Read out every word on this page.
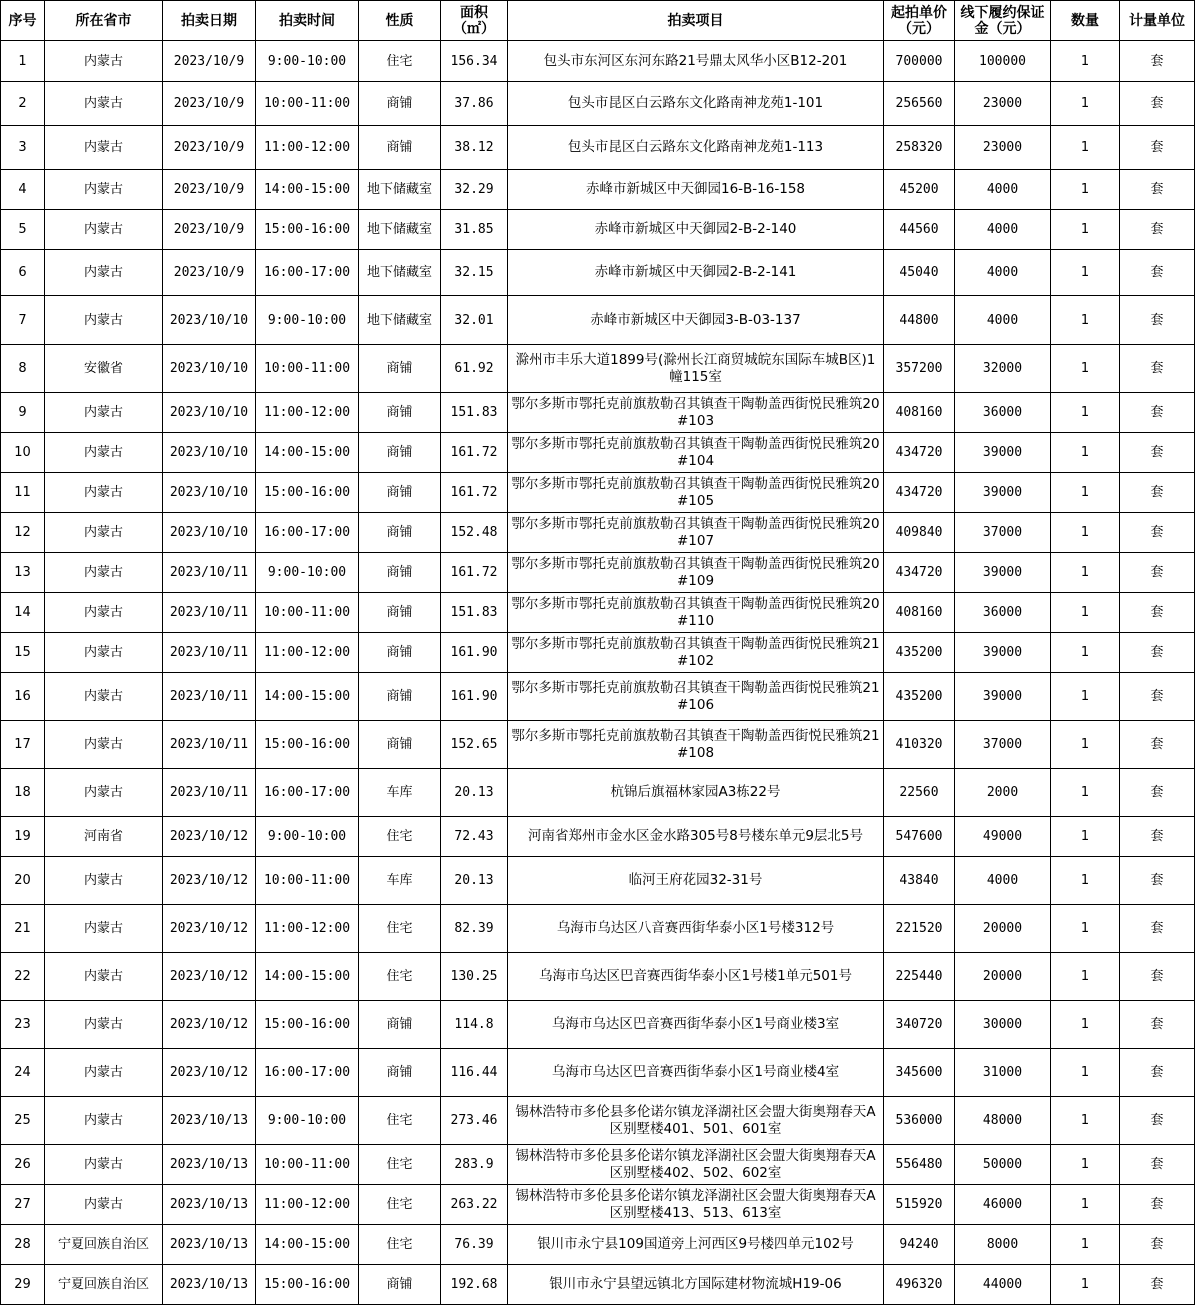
序号	所在省市	拍卖日期	拍卖时间	性质	面积（㎡）	拍卖项目	起拍单价（元）	线下履约保证金（元）	数量	计量单位
1	内蒙古	2023/10/9	9:00-10:00	住宅	156.34	包头市东河区东河东路21号鼎太风华小区B12-201	700000	100000	1	套
2	内蒙古	2023/10/9	10:00-11:00	商铺	37.86	包头市昆区白云路东文化路南神龙苑1-101	256560	23000	1	套
3	内蒙古	2023/10/9	11:00-12:00	商铺	38.12	包头市昆区白云路东文化路南神龙苑1-113	258320	23000	1	套
4	内蒙古	2023/10/9	14:00-15:00	地下储藏室	32.29	赤峰市新城区中天御园16-B-16-158	45200	4000	1	套
5	内蒙古	2023/10/9	15:00-16:00	地下储藏室	31.85	赤峰市新城区中天御园2-B-2-140	44560	4000	1	套
6	内蒙古	2023/10/9	16:00-17:00	地下储藏室	32.15	赤峰市新城区中天御园2-B-2-141	45040	4000	1	套
7	内蒙古	2023/10/10	9:00-10:00	地下储藏室	32.01	赤峰市新城区中天御园3-B-03-137	44800	4000	1	套
8	安徽省	2023/10/10	10:00-11:00	商铺	61.92	滁州市丰乐大道1899号(滁州长江商贸城皖东国际车城B区)1幢115室	357200	32000	1	套
9	内蒙古	2023/10/10	11:00-12:00	商铺	151.83	鄂尔多斯市鄂托克前旗敖勒召其镇查干陶勒盖西街悦民雅筑20#103	408160	36000	1	套
10	内蒙古	2023/10/10	14:00-15:00	商铺	161.72	鄂尔多斯市鄂托克前旗敖勒召其镇查干陶勒盖西街悦民雅筑20#104	434720	39000	1	套
11	内蒙古	2023/10/10	15:00-16:00	商铺	161.72	鄂尔多斯市鄂托克前旗敖勒召其镇查干陶勒盖西街悦民雅筑20#105	434720	39000	1	套
12	内蒙古	2023/10/10	16:00-17:00	商铺	152.48	鄂尔多斯市鄂托克前旗敖勒召其镇查干陶勒盖西街悦民雅筑20#107	409840	37000	1	套
13	内蒙古	2023/10/11	9:00-10:00	商铺	161.72	鄂尔多斯市鄂托克前旗敖勒召其镇查干陶勒盖西街悦民雅筑20#109	434720	39000	1	套
14	内蒙古	2023/10/11	10:00-11:00	商铺	151.83	鄂尔多斯市鄂托克前旗敖勒召其镇查干陶勒盖西街悦民雅筑20#110	408160	36000	1	套
15	内蒙古	2023/10/11	11:00-12:00	商铺	161.90	鄂尔多斯市鄂托克前旗敖勒召其镇查干陶勒盖西街悦民雅筑21#102	435200	39000	1	套
16	内蒙古	2023/10/11	14:00-15:00	商铺	161.90	鄂尔多斯市鄂托克前旗敖勒召其镇查干陶勒盖西街悦民雅筑21#106	435200	39000	1	套
17	内蒙古	2023/10/11	15:00-16:00	商铺	152.65	鄂尔多斯市鄂托克前旗敖勒召其镇查干陶勒盖西街悦民雅筑21#108	410320	37000	1	套
18	内蒙古	2023/10/11	16:00-17:00	车库	20.13	杭锦后旗福林家园A3栋22号	22560	2000	1	套
19	河南省	2023/10/12	9:00-10:00	住宅	72.43	河南省郑州市金水区金水路305号8号楼东单元9层北5号	547600	49000	1	套
20	内蒙古	2023/10/12	10:00-11:00	车库	20.13	临河王府花园32-31号	43840	4000	1	套
21	内蒙古	2023/10/12	11:00-12:00	住宅	82.39	乌海市乌达区八音赛西街华泰小区1号楼312号	221520	20000	1	套
22	内蒙古	2023/10/12	14:00-15:00	住宅	130.25	乌海市乌达区巴音赛西街华泰小区1号楼1单元501号	225440	20000	1	套
23	内蒙古	2023/10/12	15:00-16:00	商铺	114.8	乌海市乌达区巴音赛西街华泰小区1号商业楼3室	340720	30000	1	套
24	内蒙古	2023/10/12	16:00-17:00	商铺	116.44	乌海市乌达区巴音赛西街华泰小区1号商业楼4室	345600	31000	1	套
25	内蒙古	2023/10/13	9:00-10:00	住宅	273.46	锡林浩特市多伦县多伦诺尔镇龙泽湖社区会盟大街奥翔春天A区别墅楼401、501、601室	536000	48000	1	套
26	内蒙古	2023/10/13	10:00-11:00	住宅	283.9	锡林浩特市多伦县多伦诺尔镇龙泽湖社区会盟大街奥翔春天A区别墅楼402、502、602室	556480	50000	1	套
27	内蒙古	2023/10/13	11:00-12:00	住宅	263.22	锡林浩特市多伦县多伦诺尔镇龙泽湖社区会盟大街奥翔春天A区别墅楼413、513、613室	515920	46000	1	套
28	宁夏回族自治区	2023/10/13	14:00-15:00	住宅	76.39	银川市永宁县109国道旁上河西区9号楼四单元102号	94240	8000	1	套
29	宁夏回族自治区	2023/10/13	15:00-16:00	商铺	192.68	银川市永宁县望远镇北方国际建材物流城H19-06	496320	44000	1	套
